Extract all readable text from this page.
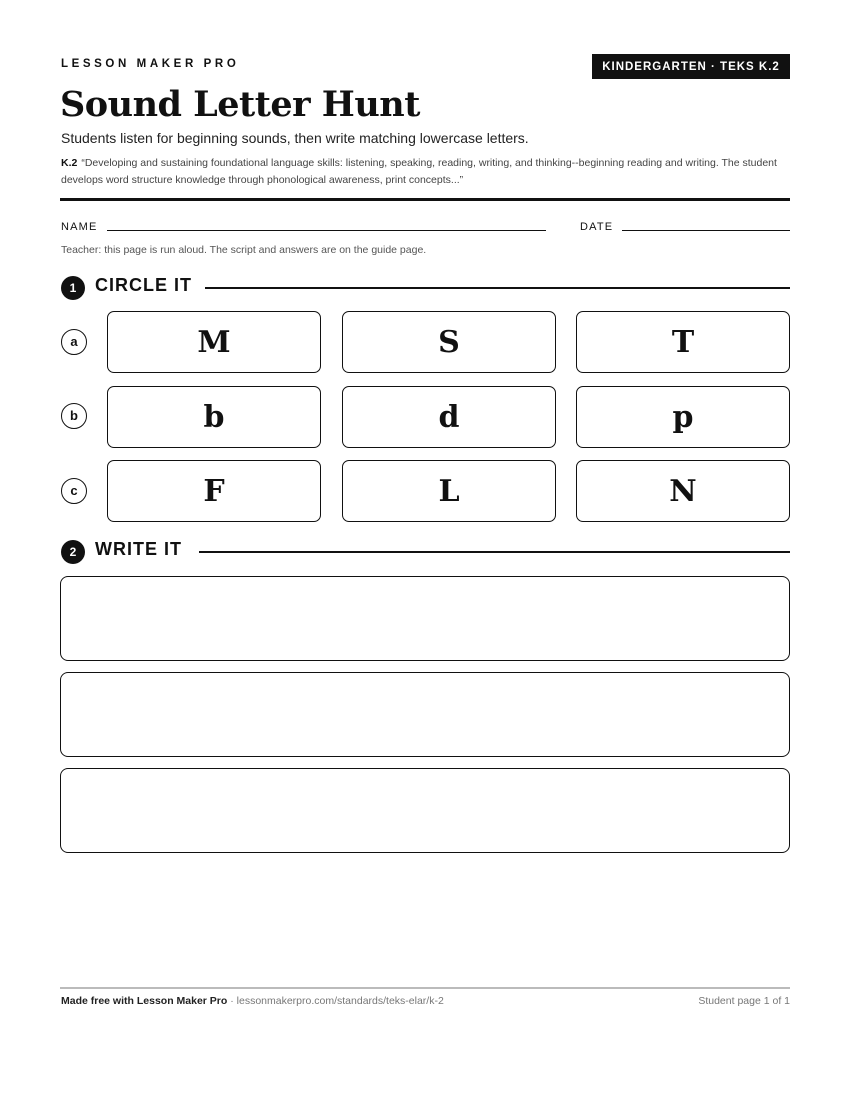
LESSON MAKER PRO	KINDERGARTEN · TEKS K.2
Sound Letter Hunt
Students listen for beginning sounds, then write matching lowercase letters.
K.2 “Developing and sustaining foundational language skills: listening, speaking, reading, writing, and thinking--beginning reading and writing. The student develops word structure knowledge through phonological awareness, print concepts...”
NAME	DATE
Teacher: this page is run aloud. The script and answers are on the guide page.
1	CIRCLE IT
a	M	S	T
b	b	d	p
c	F	L	N
2	WRITE IT
Made free with Lesson Maker Pro · lessonmakerpro.com/standards/teks-elar/k-2	Student page 1 of 1
